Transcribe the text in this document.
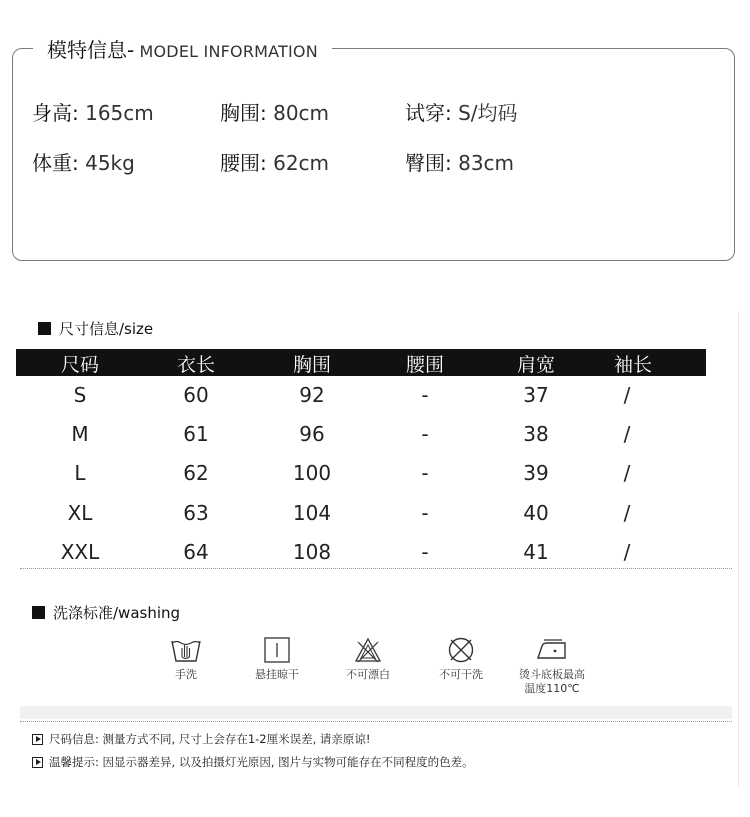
模特信息- MODEL INFORMATION
身高: 165cm	胸围: 80cm	试穿: S/均码
体重: 45kg	腰围: 62cm	臀围: 83cm
尺寸信息/size
尺码	衣长	胸围	腰围	肩宽	袖长
S	60	92	-	37	/
M	61	96	-	38	/
L	62	100	-	39	/
XL	63	104	-	40	/
XXL	64	108	-	41	/
洗涤标准/washing
手洗	悬挂晾干	不可漂白	不可干洗	烫斗底板最高
温度110℃
尺码信息: 测量方式不同, 尺寸上会存在1-2厘米误差, 请亲原谅!
温馨提示: 因显示器差异, 以及拍摄灯光原因, 图片与实物可能存在不同程度的色差。
